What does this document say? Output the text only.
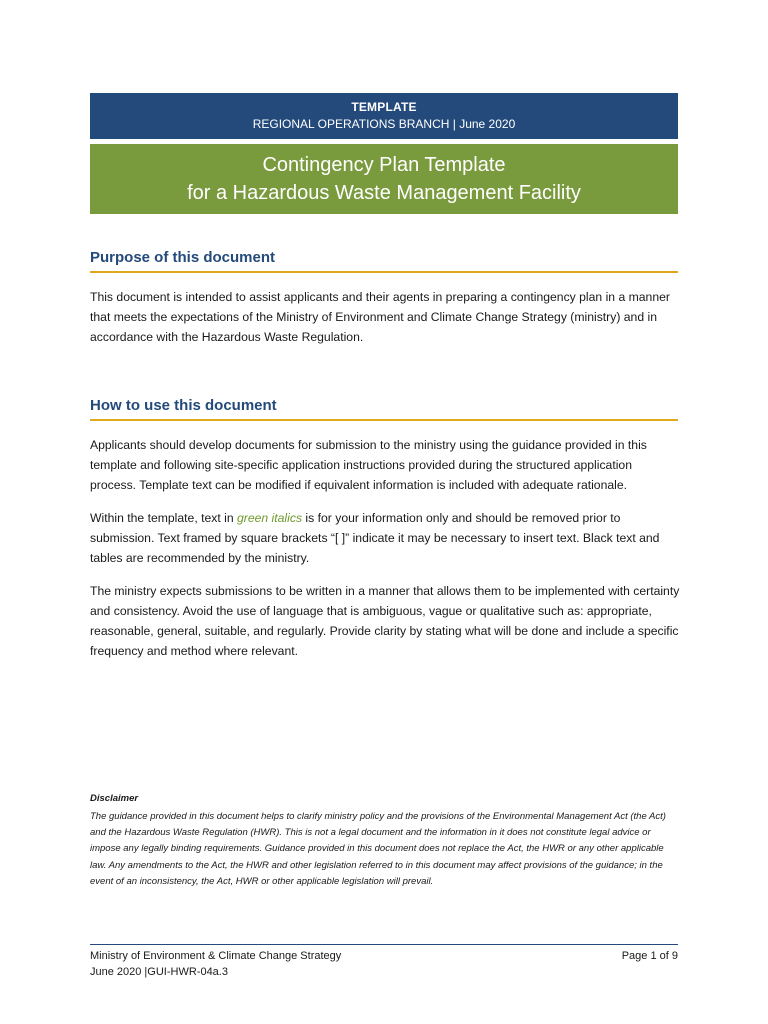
TEMPLATE
REGIONAL OPERATIONS BRANCH | June 2020
Contingency Plan Template
for a Hazardous Waste Management Facility
Purpose of this document
This document is intended to assist applicants and their agents in preparing a contingency plan in a manner that meets the expectations of the Ministry of Environment and Climate Change Strategy (ministry) and in accordance with the Hazardous Waste Regulation.
How to use this document
Applicants should develop documents for submission to the ministry using the guidance provided in this template and following site-specific application instructions provided during the structured application process. Template text can be modified if equivalent information is included with adequate rationale.
Within the template, text in green italics is for your information only and should be removed prior to submission. Text framed by square brackets “[ ]” indicate it may be necessary to insert text. Black text and tables are recommended by the ministry.
The ministry expects submissions to be written in a manner that allows them to be implemented with certainty and consistency. Avoid the use of language that is ambiguous, vague or qualitative such as: appropriate, reasonable, general, suitable, and regularly. Provide clarity by stating what will be done and include a specific frequency and method where relevant.
Disclaimer
The guidance provided in this document helps to clarify ministry policy and the provisions of the Environmental Management Act (the Act) and the Hazardous Waste Regulation (HWR). This is not a legal document and the information in it does not constitute legal advice or impose any legally binding requirements. Guidance provided in this document does not replace the Act, the HWR or any other applicable law. Any amendments to the Act, the HWR and other legislation referred to in this document may affect provisions of the guidance; in the event of an inconsistency, the Act, HWR or other applicable legislation will prevail.
Ministry of Environment & Climate Change Strategy
June 2020 |GUI-HWR-04a.3
Page 1 of 9
